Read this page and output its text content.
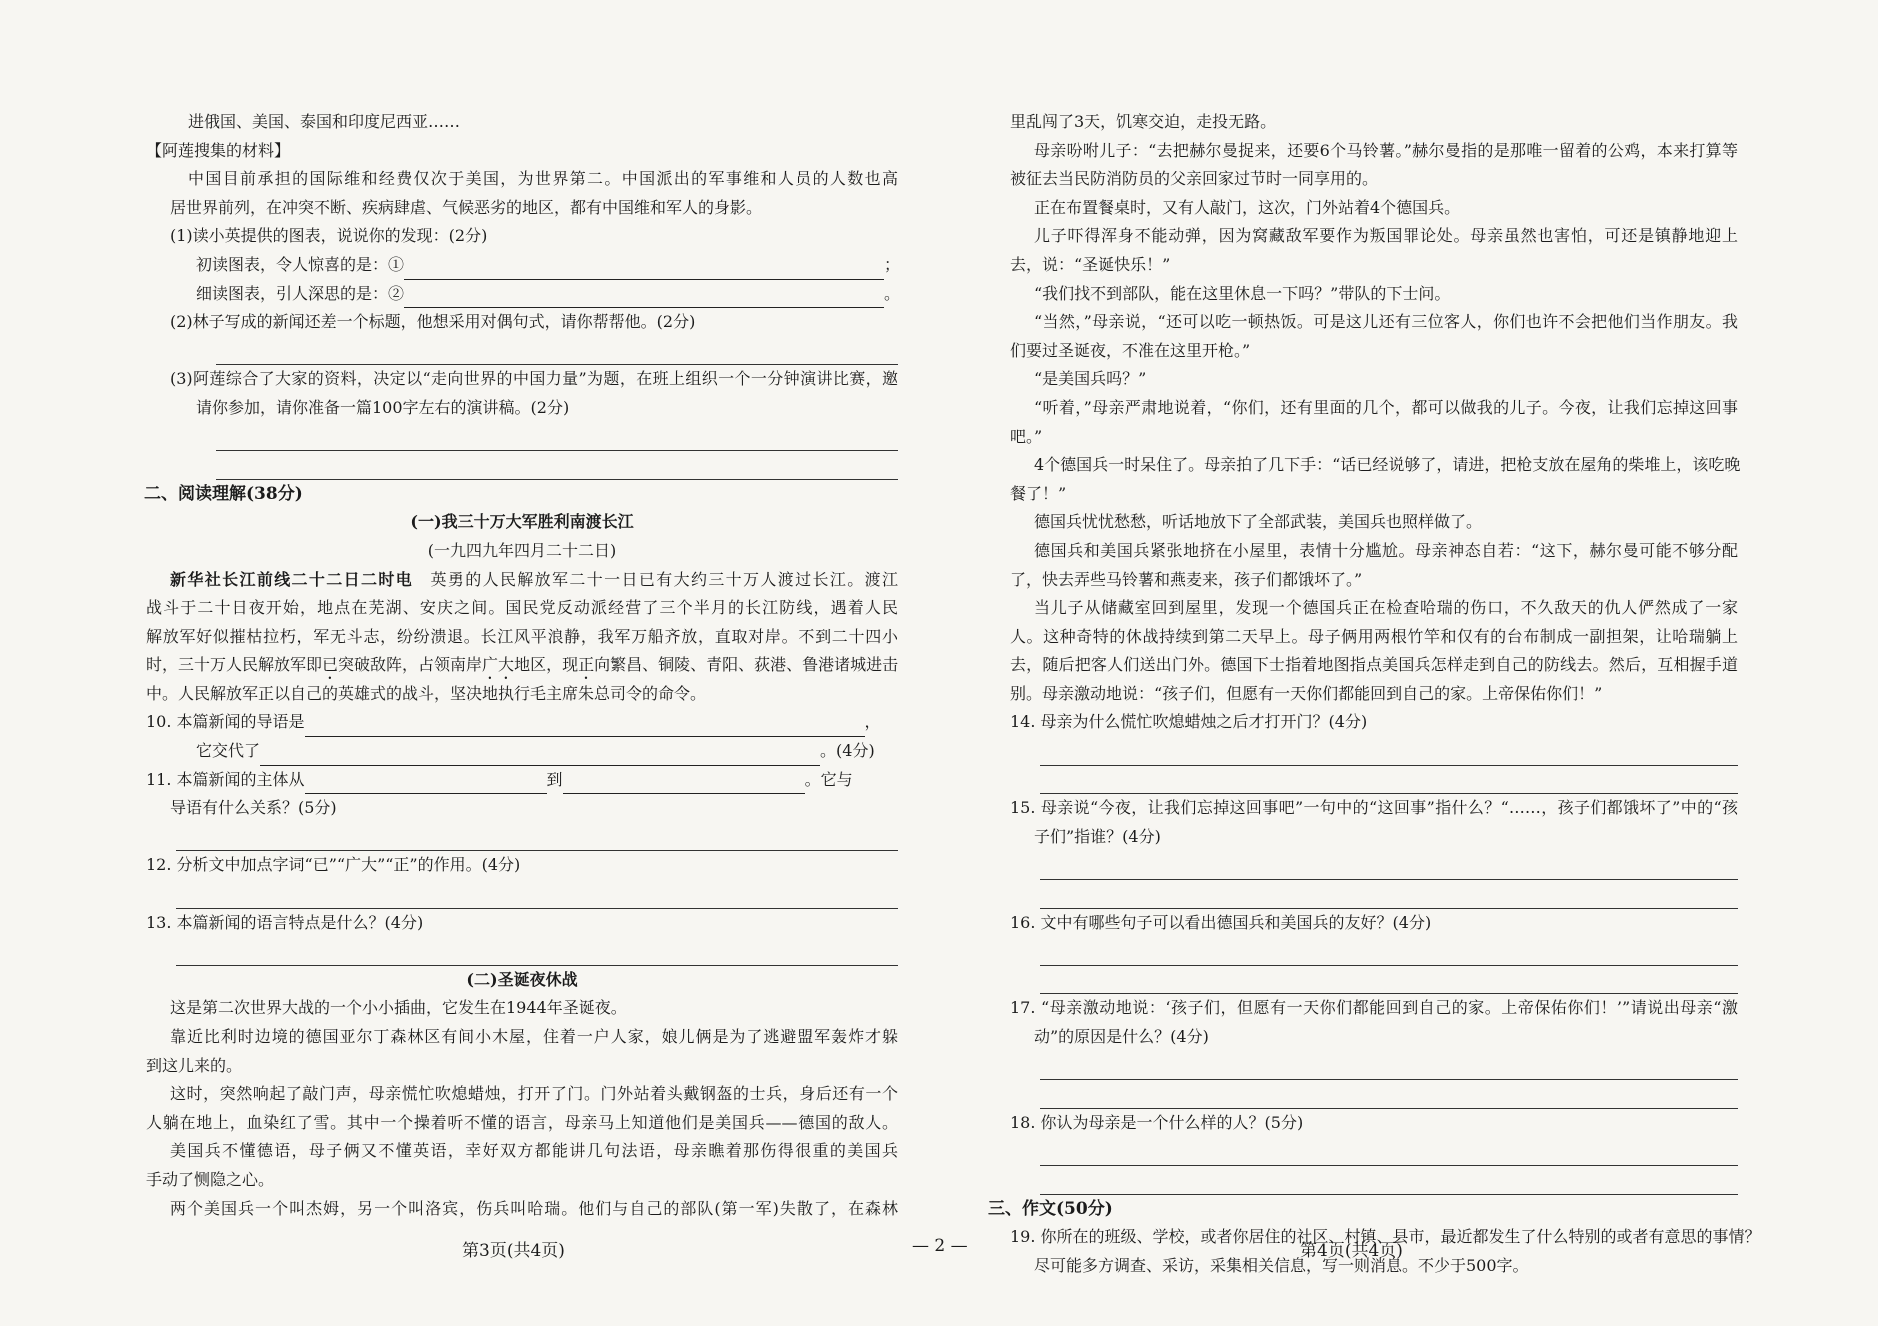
进俄国、美国、泰国和印度尼西亚……
【阿莲搜集的材料】
中国目前承担的国际维和经费仅次于美国，为世界第二。中国派出的军事维和人员的人数也高
居世界前列，在冲突不断、疾病肆虐、气候恶劣的地区，都有中国维和军人的身影。
(1)读小英提供的图表，说说你的发现：(2分)
初读图表，令人惊喜的是：①	；
细读图表，引人深思的是：②	。
(2)林子写成的新闻还差一个标题，他想采用对偶句式，请你帮帮他。(2分)
(3)阿莲综合了大家的资料，决定以“走向世界的中国力量”为题，在班上组织一个一分钟演讲比赛，邀
请你参加，请你准备一篇100字左右的演讲稿。(2分)
二、阅读理解(38分)
(一)我三十万大军胜利南渡长江
(一九四九年四月二十二日)
新华社长江前线二十二日二时电　 英勇的人民解放军二十一日已有大约三十万人渡过长江。渡江
战斗于二十日夜开始，地点在芜湖、安庆之间。国民党反动派经营了三个半月的长江防线，遇着人民
解放军好似摧枯拉朽，军无斗志，纷纷溃退。长江风平浪静，我军万船齐放，直取对岸。不到二十四小
时，三十万人民解放军即已突破敌阵，占领南岸广大地区，现正向繁昌、铜陵、青阳、荻港、鲁港诸城进击
中。人民解放军正以自己的英雄式的战斗，坚决地执行毛主席朱总司令的命令。
10. 本篇新闻的导语是	，
它交代了	。(4分)
11. 本篇新闻的主体从	到	。它与
导语有什么关系？(5分)
12. 分析文中加点字词“已”“广大”“正”的作用。(4分)
13. 本篇新闻的语言特点是什么？(4分)
(二)圣诞夜休战
这是第二次世界大战的一个小小插曲，它发生在1944年圣诞夜。
靠近比利时边境的德国亚尔丁森林区有间小木屋，住着一户人家，娘儿俩是为了逃避盟军轰炸才躲
到这儿来的。
这时，突然响起了敲门声，母亲慌忙吹熄蜡烛，打开了门。门外站着头戴钢盔的士兵，身后还有一个
人躺在地上，血染红了雪。其中一个操着听不懂的语言，母亲马上知道他们是美国兵——德国的敌人。
美国兵不懂德语，母子俩又不懂英语，幸好双方都能讲几句法语，母亲瞧着那伤得很重的美国兵
手动了恻隐之心。
两个美国兵一个叫杰姆，另一个叫洛宾，伤兵叫哈瑞。他们与自己的部队(第一军)失散了，在森林
里乱闯了3天，饥寒交迫，走投无路。
母亲吩咐儿子：“去把赫尔曼捉来，还要6个马铃薯。”赫尔曼指的是那唯一留着的公鸡，本来打算等
被征去当民防消防员的父亲回家过节时一同享用的。
正在布置餐桌时，又有人敲门，这次，门外站着4个德国兵。
儿子吓得浑身不能动弹，因为窝藏敌军要作为叛国罪论处。母亲虽然也害怕，可还是镇静地迎上
去，说：“圣诞快乐！”
“我们找不到部队，能在这里休息一下吗？”带队的下士问。
“当然，”母亲说，“还可以吃一顿热饭。可是这儿还有三位客人，你们也许不会把他们当作朋友。我
们要过圣诞夜，不准在这里开枪。”
“是美国兵吗？”
“听着，”母亲严肃地说着，“你们，还有里面的几个，都可以做我的儿子。今夜，让我们忘掉这回事
吧。”
4个德国兵一时呆住了。母亲拍了几下手：“话已经说够了，请进，把枪支放在屋角的柴堆上，该吃晚
餐了！”
德国兵忧忧愁愁，听话地放下了全部武装，美国兵也照样做了。
德国兵和美国兵紧张地挤在小屋里，表情十分尴尬。母亲神态自若：“这下，赫尔曼可能不够分配
了，快去弄些马铃薯和燕麦来，孩子们都饿坏了。”
当儿子从储藏室回到屋里，发现一个德国兵正在检查哈瑞的伤口，不久敌天的仇人俨然成了一家
人。这种奇特的休战持续到第二天早上。母子俩用两根竹竿和仅有的台布制成一副担架，让哈瑞躺上
去，随后把客人们送出门外。德国下士指着地图指点美国兵怎样走到自己的防线去。然后，互相握手道
别。母亲激动地说：“孩子们，但愿有一天你们都能回到自己的家。上帝保佑你们！”
14. 母亲为什么慌忙吹熄蜡烛之后才打开门？(4分)
15. 母亲说“今夜，让我们忘掉这回事吧”一句中的“这回事”指什么？“……，孩子们都饿坏了”中的“孩
子们”指谁？(4分)
16. 文中有哪些句子可以看出德国兵和美国兵的友好？(4分)
17. “母亲激动地说：‘孩子们，但愿有一天你们都能回到自己的家。上帝保佑你们！’”请说出母亲“激
动”的原因是什么？(4分)
18. 你认为母亲是一个什么样的人？(5分)
三、作文(50分)
19. 你所在的班级、学校，或者你居住的社区、村镇、县市，最近都发生了什么特别的或者有意思的事情？
尽可能多方调查、采访，采集相关信息，写一则消息。不少于500字。
第3页(共4页)	— 2 —	第4页(共4页)
